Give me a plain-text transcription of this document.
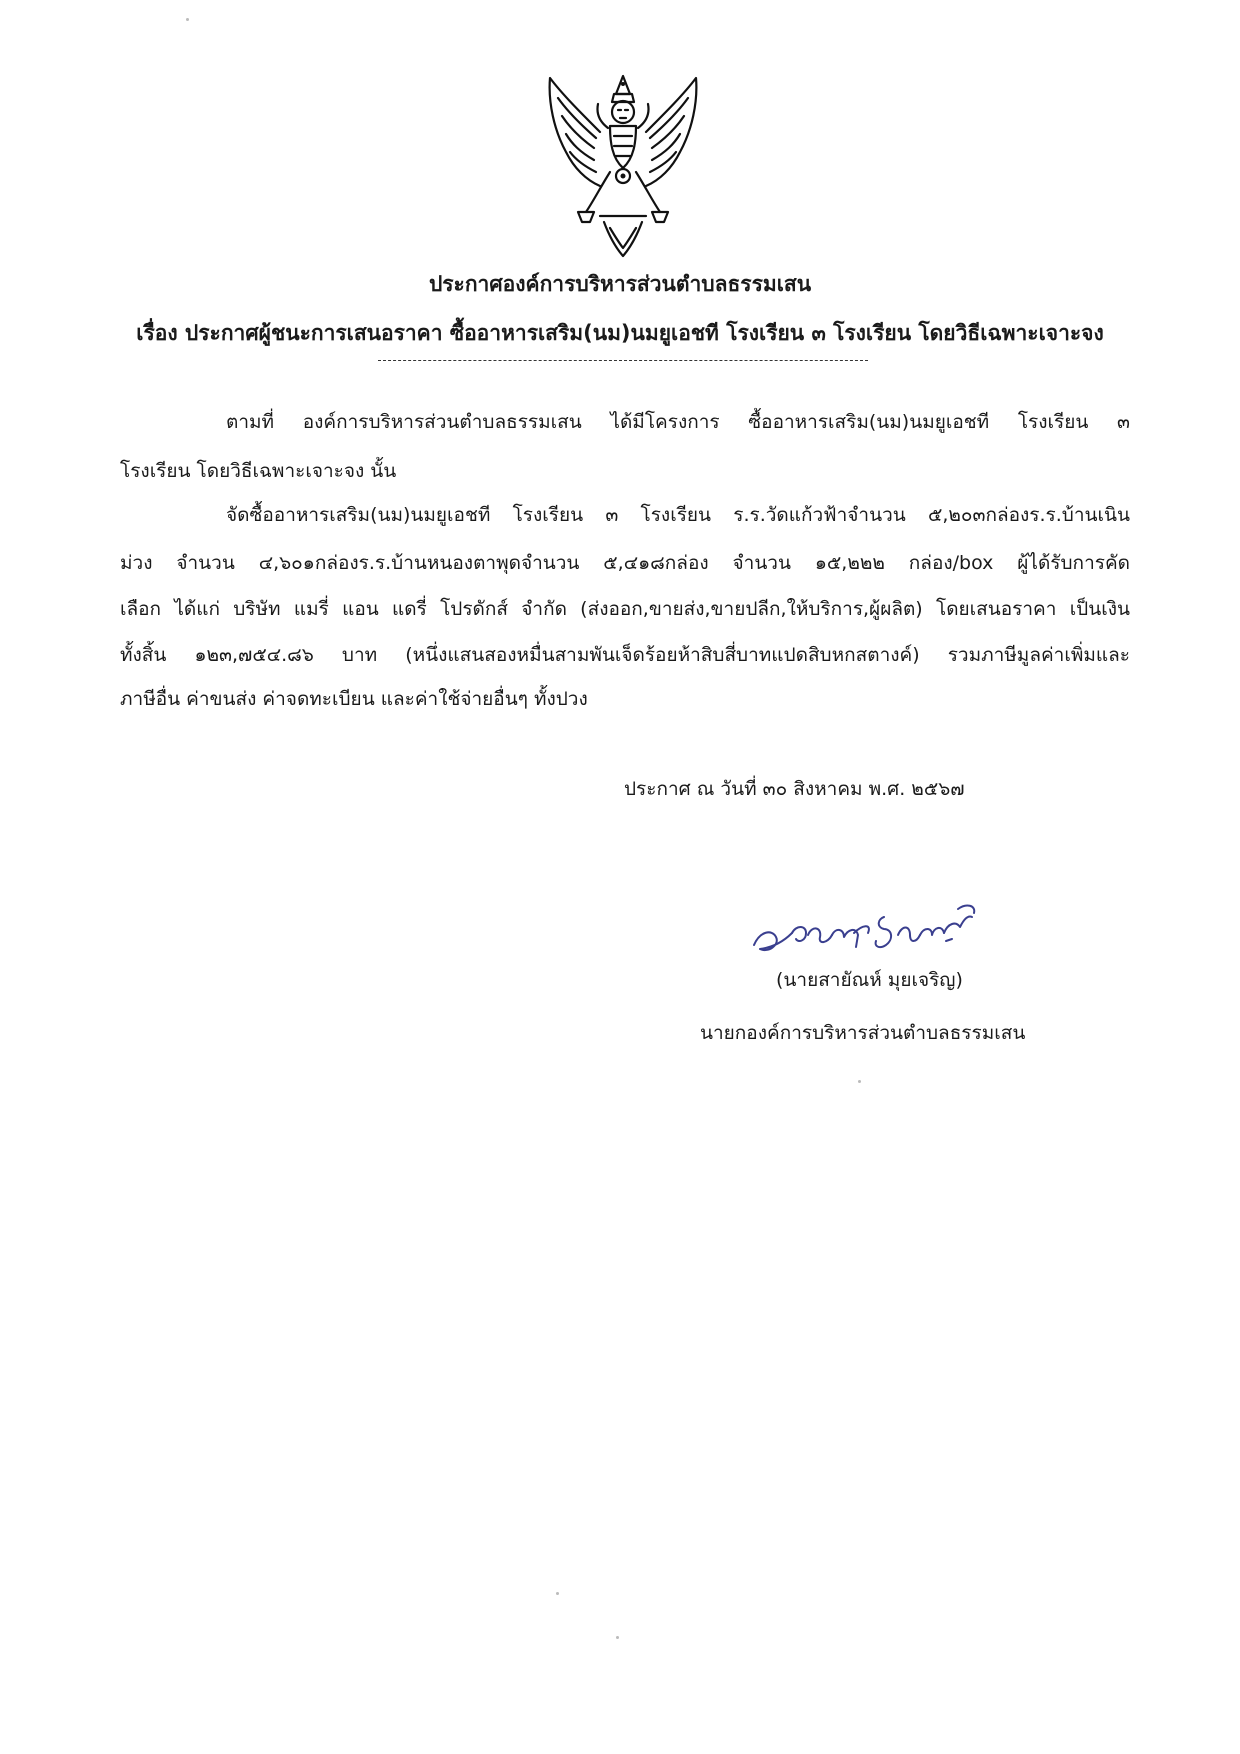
ประกาศองค์การบริหารส่วนตำบลธรรมเสน
เรื่อง ประกาศผู้ชนะการเสนอราคา ซื้ออาหารเสริม(นม)นมยูเอชที โรงเรียน ๓ โรงเรียน โดยวิธีเฉพาะเจาะจง
ตามที่ องค์การบริหารส่วนตำบลธรรมเสน ได้มีโครงการ ซื้ออาหารเสริม(นม)นมยูเอชที โรงเรียน ๓
โรงเรียน โดยวิธีเฉพาะเจาะจง นั้น
จัดซื้ออาหารเสริม(นม)นมยูเอชที โรงเรียน ๓ โรงเรียน ร.ร.วัดแก้วฟ้าจำนวน ๕,๒๐๓กล่องร.ร.บ้านเนิน
ม่วง จำนวน ๔,๖๐๑กล่องร.ร.บ้านหนองตาพุดจำนวน ๕,๔๑๘กล่อง จำนวน ๑๕,๒๒๒ กล่อง/box ผู้ได้รับการคัด
เลือก ได้แก่ บริษัท แมรี่ แอน แดรี่ โปรดักส์ จำกัด (ส่งออก,ขายส่ง,ขายปลีก,ให้บริการ,ผู้ผลิต) โดยเสนอราคา เป็นเงิน
ทั้งสิ้น ๑๒๓,๗๕๔.๘๖ บาท (หนึ่งแสนสองหมื่นสามพันเจ็ดร้อยห้าสิบสี่บาทแปดสิบหกสตางค์) รวมภาษีมูลค่าเพิ่มและ
ภาษีอื่น ค่าขนส่ง ค่าจดทะเบียน และค่าใช้จ่ายอื่นๆ ทั้งปวง
ประกาศ ณ วันที่ ๓๐ สิงหาคม พ.ศ. ๒๕๖๗
(นายสายัณห์ มุยเจริญ)
นายกองค์การบริหารส่วนตำบลธรรมเสน
